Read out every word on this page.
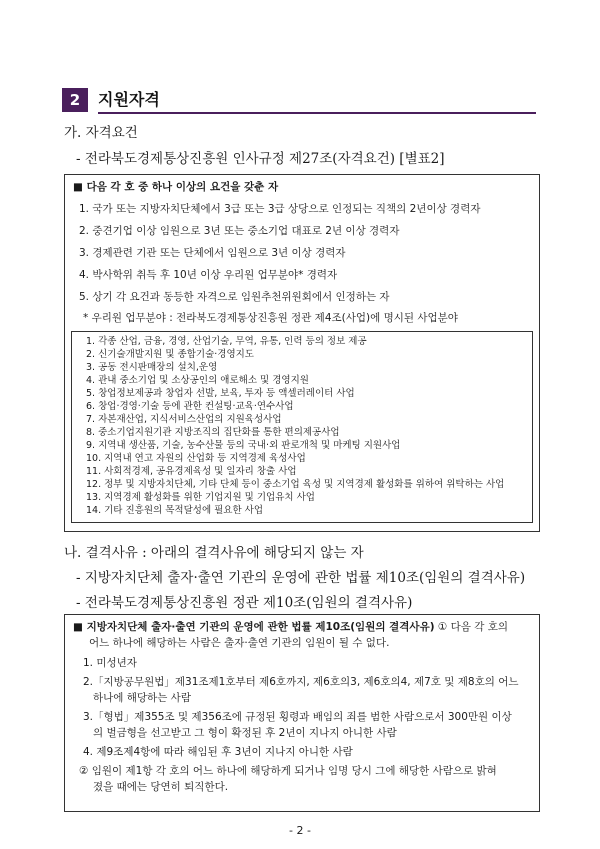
2	지원자격
가. 자격요건
- 전라북도경제통상진흥원 인사규정 제27조(자격요건) [별표2]
■ 다음 각 호 중 하나 이상의 요건을 갖춘 자
1. 국가 또는 지방자치단체에서 3급 또는 3급 상당으로 인정되는 직책의 2년이상 경력자
2. 중견기업 이상 임원으로 3년 또는 중소기업 대표로 2년 이상 경력자
3. 경제관련 기관 또는 단체에서 임원으로 3년 이상 경력자
4. 박사학위 취득 후 10년 이상 우리원 업무분야* 경력자
5. 상기 각 요건과 동등한 자격으로 임원추천위원회에서 인정하는 자
* 우리원 업무분야 : 전라북도경제통상진흥원 정관 제4조(사업)에 명시된 사업분야
1. 각종 산업, 금융, 경영, 산업기술, 무역, 유통, 인력 등의 정보 제공
2. 신기술개발지원 및 종합기술·경영지도
3. 공동 전시판매장의 설치,운영
4. 관내 중소기업 및 소상공인의 애로해소 및 경영지원
5. 창업정보제공과 창업자 선발, 보육, 투자 등 액셀러레이터 사업
6. 창업·경영·기술 등에 관한 컨설팅·교육·연수사업
7. 자본재산업, 지식서비스산업의 지원육성사업
8. 중소기업지원기관 지방조직의 집단화를 통한 편의제공사업
9. 지역내 생산품, 기술, 농수산물 등의 국내·외 판로개척 및 마케팅 지원사업
10. 지역내 연고 자원의 산업화 등 지역경제 육성사업
11. 사회적경제, 공유경제육성 및 일자리 창출 사업
12. 정부 및 지방자치단체, 기타 단체 등이 중소기업 육성 및 지역경제 활성화를 위하여 위탁하는 사업
13. 지역경제 활성화를 위한 기업지원 및 기업유치 사업
14. 기타 진흥원의 목적달성에 필요한 사업
나. 결격사유 : 아래의 결격사유에 해당되지 않는 자
- 지방자치단체 출자·출연 기관의 운영에 관한 법률 제10조(임원의 결격사유)
- 전라북도경제통상진흥원 정관 제10조(임원의 결격사유)
■ 지방자치단체 출자·출연 기관의 운영에 관한 법률 제10조(임원의 결격사유) ① 다음 각 호의
어느 하나에 해당하는 사람은 출자·출연 기관의 임원이 될 수 없다.
1. 미성년자
2.「지방공무원법」제31조제1호부터 제6호까지, 제6호의3, 제6호의4, 제7호 및 제8호의 어느
하나에 해당하는 사람
3.「형법」제355조 및 제356조에 규정된 횡령과 배임의 죄를 범한 사람으로서 300만원 이상
의 벌금형을 선고받고 그 형이 확정된 후 2년이 지나지 아니한 사람
4. 제9조제4항에 따라 해임된 후 3년이 지나지 아니한 사람
② 임원이 제1항 각 호의 어느 하나에 해당하게 되거나 임명 당시 그에 해당한 사람으로 밝혀
졌을 때에는 당연히 퇴직한다.
- 2 -
